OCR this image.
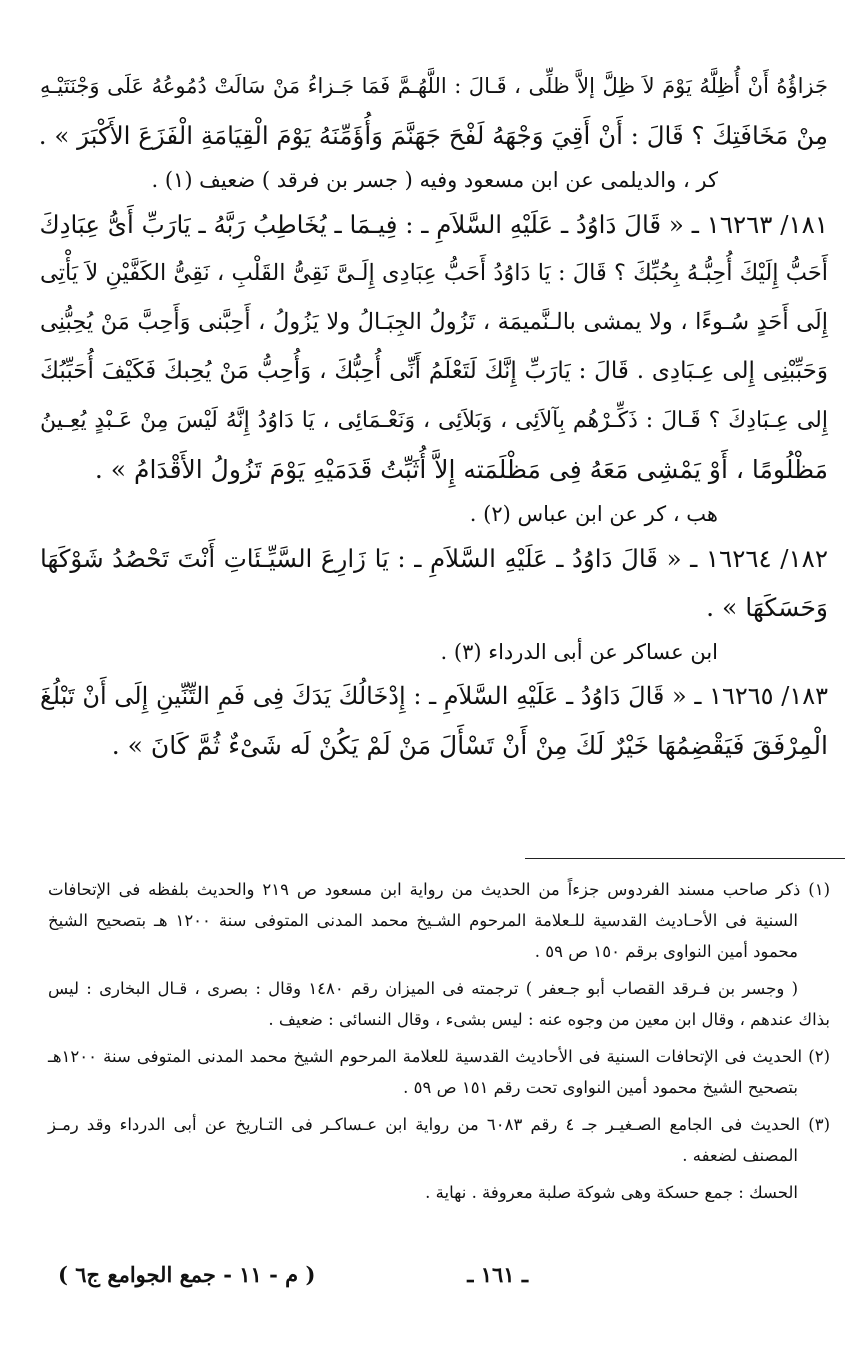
جَزاؤُهُ أَنْ أُظِلَّهُ يَوْمَ لاَ ظِلَّ إلاَّ ظلِّى ، قَـالَ : اللَّهُـمَّ فَمَا جَـزاءُ مَنْ سَالَتْ دُمُوعُهُ عَلَى وَجْنَتَيْـهِ
مِنْ مَخَافَتِكَ ؟ قَالَ : أَنْ أَقِيَ وَجْهَهُ لَفْحَ جَهَنَّمَ وَأُؤَمِّنَهُ يَوْمَ الْقِيَامَةِ الْفَزَعَ الأَكْبَرَ » .
كر ، والديلمى عن ابن مسعود وفيه ( جسر بن فرقد ) ضعيف (١) .
١٨١/ ١٦٢٦٣ ـ « قَالَ دَاوُدُ ـ عَلَيْهِ السَّلاَمِ ـ : فِيـمَا ـ يُخَاطِبُ رَبَّهُ ـ يَارَبِّ أَىُّ عِبَادِكَ
أَحَبُّ إِلَيْكَ أُحِبُّـهُ بِحُبِّكَ ؟ قَالَ : يَا دَاوُدُ أَحَبُّ عِبَادِى إِلَـىَّ نَقِىُّ القَلْبِ ، نَقِىُّ الكَفَّيْنِ لاَ يَأْتِى
إِلَى أَحَدٍ سُـوءًا ، ولا يمشى بالـنَّميمَة ، تَزُولُ الجِبَـالُ ولا يَزُولُ ، أَحِبَّنى وَأَحِبَّ مَنْ يُحِبُّنِى
وَحَبِّبْنِى إِلى عِـبَادِى . قَالَ : يَارَبِّ إِنَّكَ لَتَعْلَمُ أَنِّى أُحِبُّكَ ، وَأُحِبُّ مَنْ يُحِبكَ فَكَيْفَ أُحَبِّبُكَ
إِلى عِـبَادِكَ ؟ قَـالَ : ذَكِّـرْهُم بِآلاَئِى ، وَبَلاَئِى ، وَنَعْـمَائِى ، يَا دَاوُدُ إِنَّهُ لَيْسَ مِنْ عَـبْدٍ يُعِـينُ
مَظْلُومًا ، أَوْ يَمْشِى مَعَهُ فِى مَظْلَمَته إِلاَّ أُثَبِّتُ قَدَمَيْهِ يَوْمَ تَزُولُ الأَقْدَامُ » .
هب ، كر عن ابن عباس (٢) .
١٨٢/ ١٦٢٦٤ ـ « قَالَ دَاوُدُ ـ عَلَيْهِ السَّلاَمِ ـ : يَا زَارِعَ السَّيِّـئَاتِ أَنْتَ تَحْصُدُ شَوْكَهَا
وَحَسَكَهَا » .
ابن عساكر عن أبى الدرداء (٣) .
١٨٣/ ١٦٢٦٥ ـ « قَالَ دَاوُدُ ـ عَلَيْهِ السَّلاَمِ ـ : إِدْخَالُكَ يَدَكَ فِى فَمِ التِّنِّينِ إِلَى أَنْ تَبْلُغَ
الْمِرْفَقَ فَيَقْضِمُهَا خَيْرٌ لَكَ مِنْ أَنْ تَسْأَلَ مَنْ لَمْ يَكُنْ لَه شَىْءٌ ثُمَّ كَانَ » .
(١) ذكر صاحب مسند الفردوس جزءاً من الحديث من رواية ابن مسعود ص ٢١٩ والحديث بلفظه فى الإتحافات
السنية فى الأحـاديث القدسية للـعلامة المرحوم الشـيخ محمد المدنى المتوفى سنة ١٢٠٠ هـ بتصحيح الشيخ
محمود أمين النواوى برقم ١٥٠ ص ٥٩ .
( وجسر بن فـرقد القصاب أبو جـعفر ) ترجمته فى الميزان رقم ١٤٨٠ وقال : بصرى ، قـال البخارى : ليس
بذاك عندهم ، وقال ابن معين من وجوه عنه : ليس بشىء ، وقال النسائى : ضعيف .
(٢) الحديث فى الإتحافات السنية فى الأحاديث القدسية للعلامة المرحوم الشيخ محمد المدنى المتوفى سنة ١٢٠٠هـ
بتصحيح الشيخ محمود أمين النواوى تحت رقم ١٥١ ص ٥٩ .
(٣) الحديث فى الجامع الصـغيـر جـ ٤ رقم ٦٠٨٣ من رواية ابن عـساكـر فى التـاريخ عن أبى الدرداء وقد رمـز
المصنف لضعفه .
الحسك : جمع حسكة وهى شوكة صلبة معروفة . نهاية .
ـ ١٦١ ـ
( م - ١١ - جمع الجوامع ج٦ )
